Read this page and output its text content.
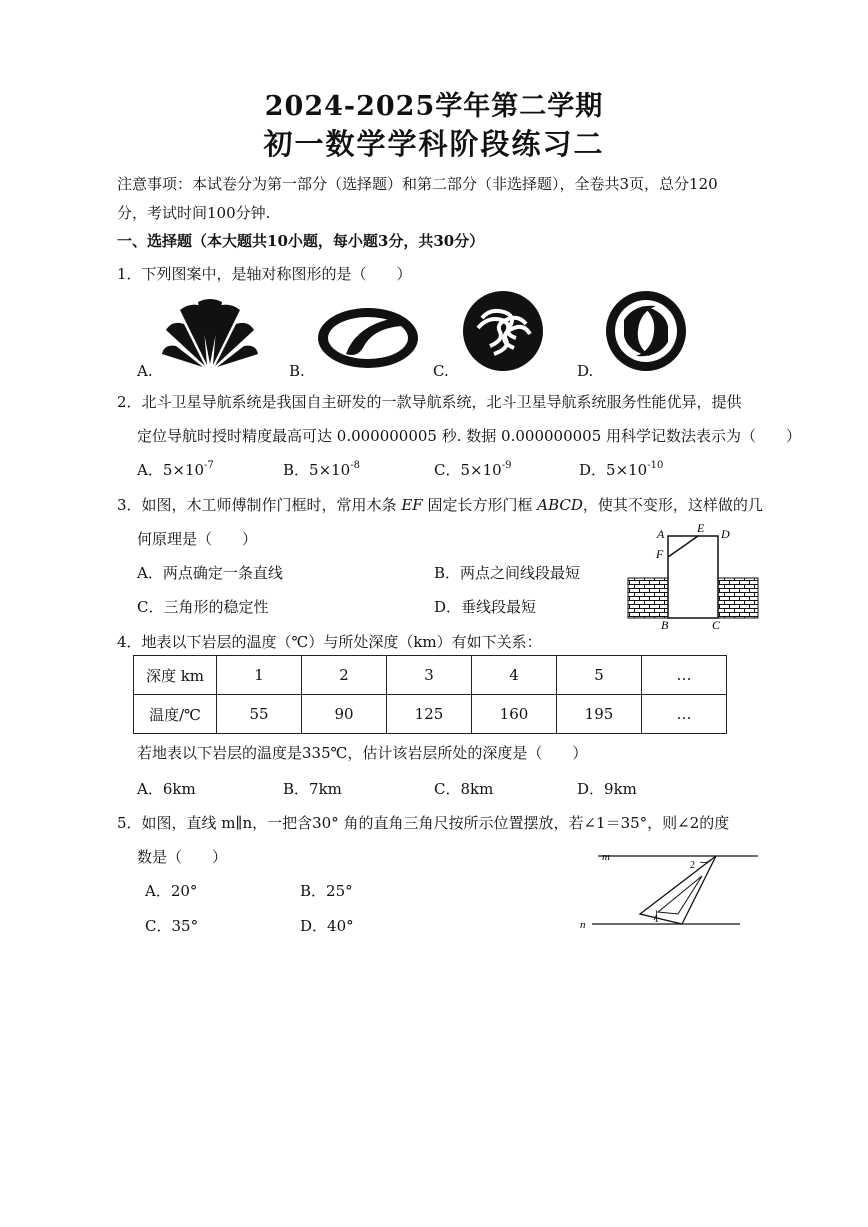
2024-2025学年第二学期
初一数学学科阶段练习二
注意事项：本试卷分为第一部分（选择题）和第二部分（非选择题），全卷共3页，总分120
分，考试时间100分钟.
一、选择题（本大题共10小题，每小题3分，共30分）
1．下列图案中，是轴对称图形的是（　　）
A.	B.	C.	D.
2．北斗卫星导航系统是我国自主研发的一款导航系统，北斗卫星导航系统服务性能优异，提供
定位导航时授时精度最高可达 0.000000005 秒. 数据 0.000000005 用科学记数法表示为（　　）
A．$5\times 10^{-7}$	B．$5\times 10^{-8}$	C．$5\times 10^{-9}$	D．$5\times 10^{-10}$
3．如图，木工师傅制作门框时，常用木条 EF 固定长方形门框 ABCD，使其不变形，这样做的几
何原理是（　　）
A．两点确定一条直线	B．两点之间线段最短
C．三角形的稳定性	D．垂线段最短
A	E D
F
B	C
4．地表以下岩层的温度（℃）与所处深度（km）有如下关系：
深度 km	1	2	3	4	5	…
温度/℃	55	90	125	160	195	…
若地表以下岩层的温度是335℃，估计该岩层所处的深度是（　　）
A．6km	B．7km	C．8km	D．9km
5．如图，直线 m∥n，一把含30° 角的直角三角尺按所示位置摆放，若∠1＝35°，则∠2的度
数是（　　）
A．20°	B．25°
C．35°	D．40°
m
n	1
2
